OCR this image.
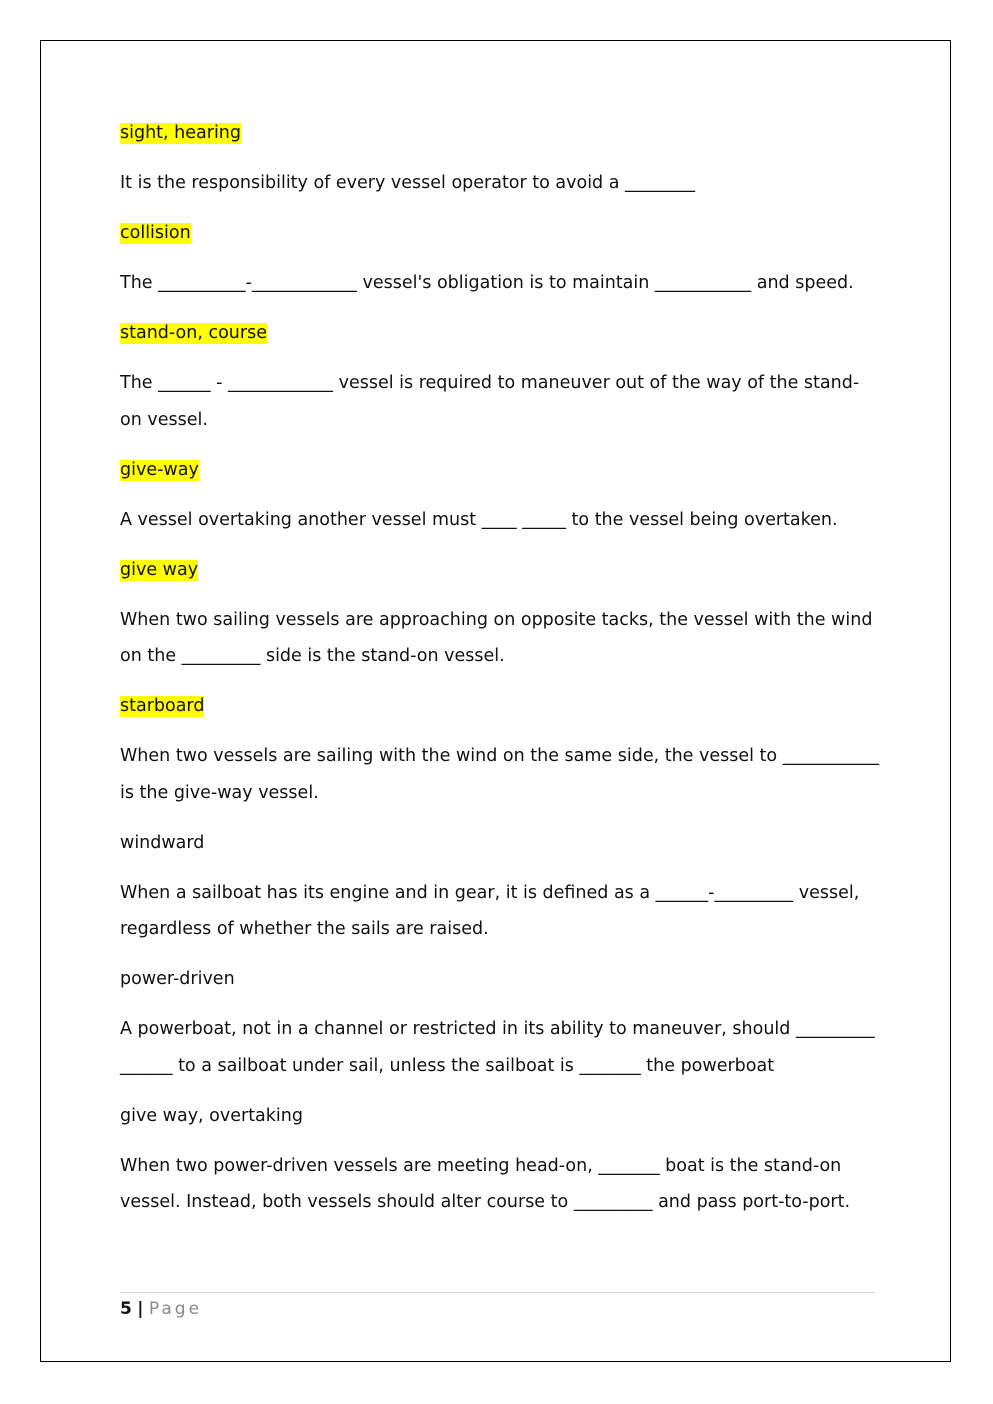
sight, hearing

It is the responsibility of every vessel operator to avoid a ________

collision

The __________-____________ vessel's obligation is to maintain ___________ and speed.

stand-on, course

The ______ - ____________ vessel is required to maneuver out of the way of the stand-on vessel.

give-way

A vessel overtaking another vessel must ____ _____ to the vessel being overtaken.

give way

When two sailing vessels are approaching on opposite tacks, the vessel with the wind on the _________ side is the stand-on vessel.

starboard

When two vessels are sailing with the wind on the same side, the vessel to ___________ is the give-way vessel.

windward

When a sailboat has its engine and in gear, it is defined as a ______-_________ vessel, regardless of whether the sails are raised.

power-driven

A powerboat, not in a channel or restricted in its ability to maneuver, should _________ ______ to a sailboat under sail, unless the sailboat is _______ the powerboat

give way, overtaking

When two power-driven vessels are meeting head-on, _______ boat is the stand-on vessel. Instead, both vessels should alter course to _________ and pass port-to-port.

5 | Page
